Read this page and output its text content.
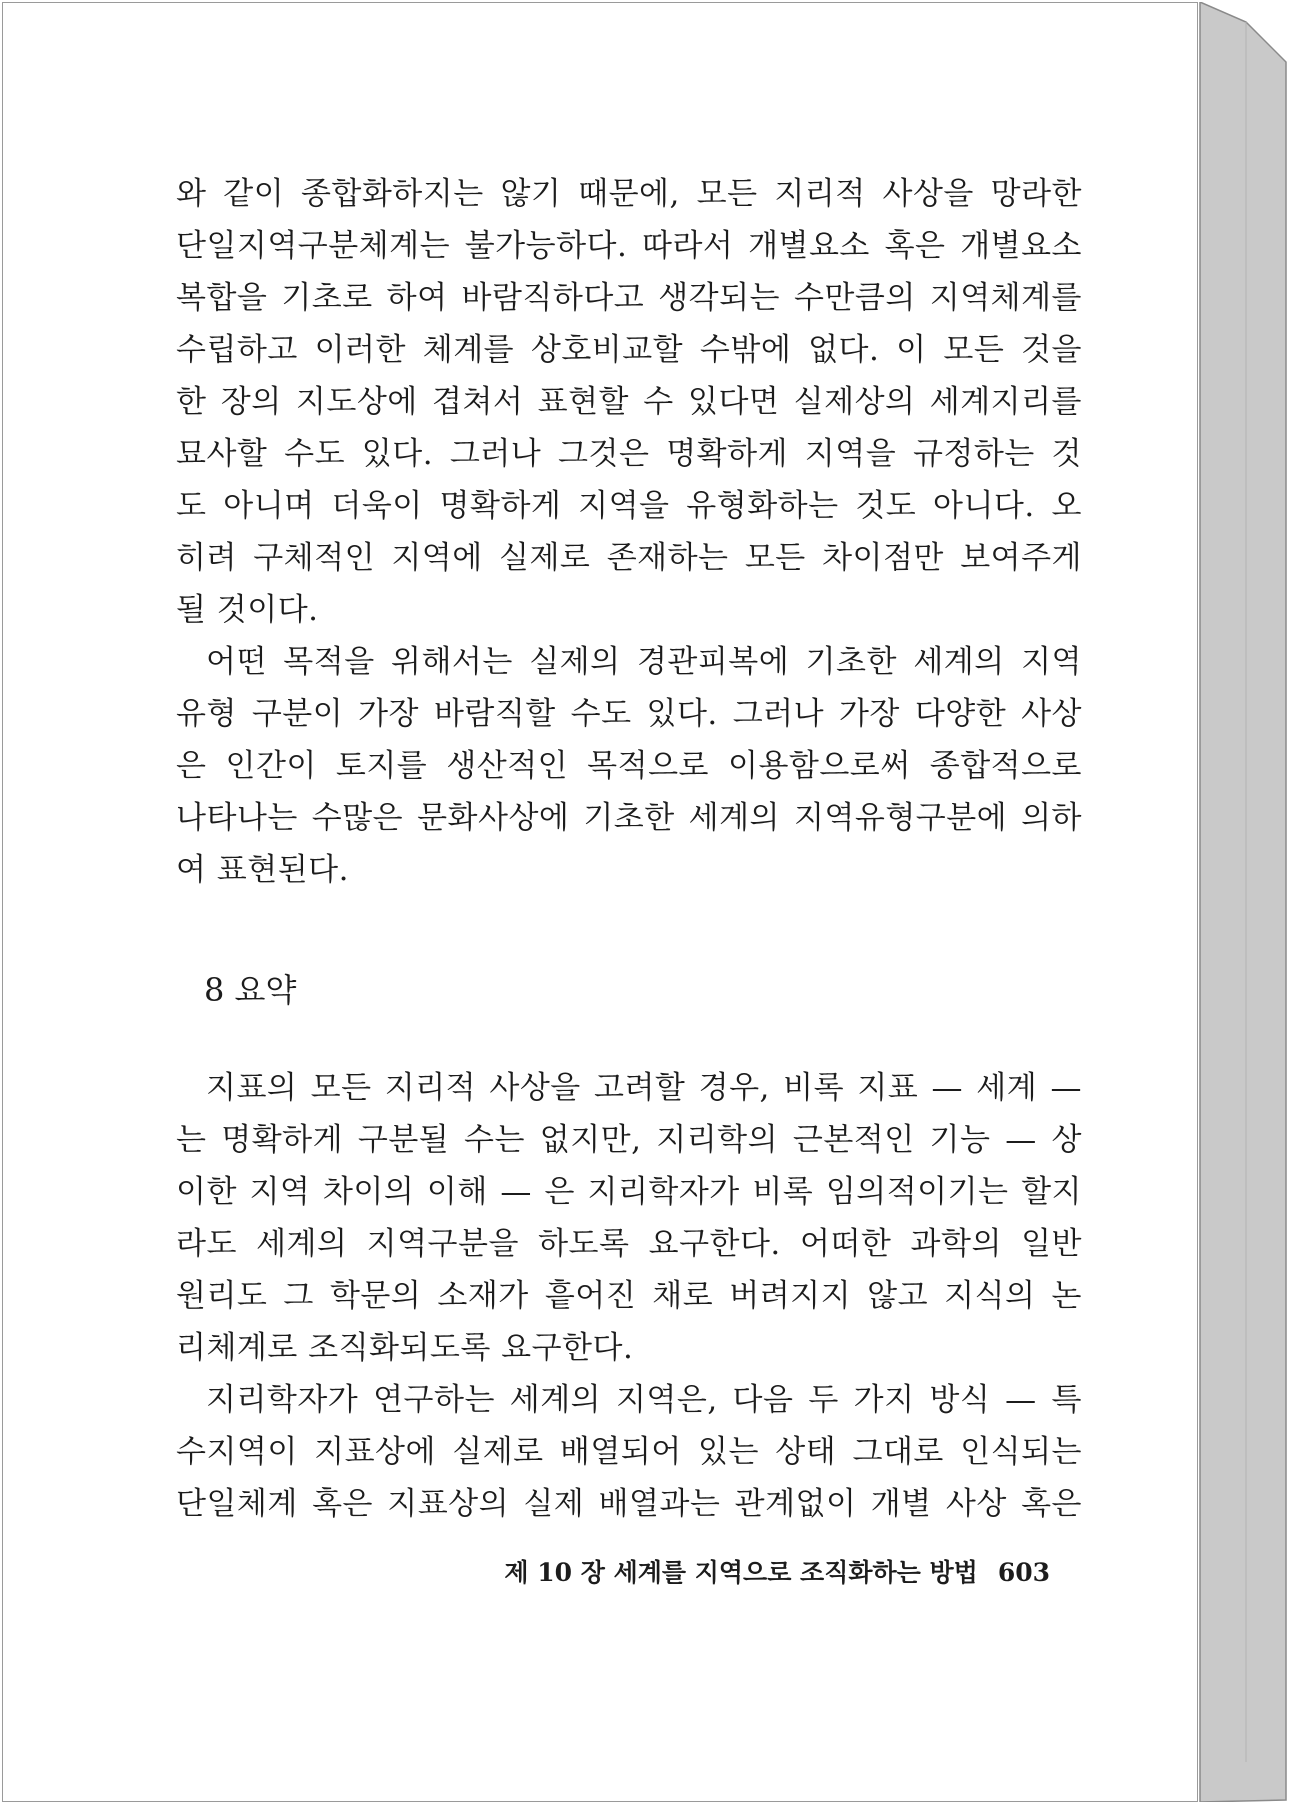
와 같이 종합화하지는 않기 때문에, 모든 지리적 사상을 망라한
단일지역구분체계는 불가능하다. 따라서 개별요소 혹은 개별요소
복합을 기초로 하여 바람직하다고 생각되는 수만큼의 지역체계를
수립하고 이러한 체계를 상호비교할 수밖에 없다. 이 모든 것을
한 장의 지도상에 겹쳐서 표현할 수 있다면 실제상의 세계지리를
묘사할 수도 있다. 그러나 그것은 명확하게 지역을 규정하는 것
도 아니며 더욱이 명확하게 지역을 유형화하는 것도 아니다. 오
히려 구체적인 지역에 실제로 존재하는 모든 차이점만 보여주게
될 것이다.
어떤 목적을 위해서는 실제의 경관피복에 기초한 세계의 지역
유형 구분이 가장 바람직할 수도 있다. 그러나 가장 다양한 사상
은 인간이 토지를 생산적인 목적으로 이용함으로써 종합적으로
나타나는 수많은 문화사상에 기초한 세계의 지역유형구분에 의하
여 표현된다.
8 요약
지표의 모든 지리적 사상을 고려할 경우, 비록 지표 — 세계 —
는 명확하게 구분될 수는 없지만, 지리학의 근본적인 기능 — 상
이한 지역 차이의 이해 — 은 지리학자가 비록 임의적이기는 할지
라도 세계의 지역구분을 하도록 요구한다. 어떠한 과학의 일반
원리도 그 학문의 소재가 흩어진 채로 버려지지 않고 지식의 논
리체계로 조직화되도록 요구한다.
지리학자가 연구하는 세계의 지역은, 다음 두 가지 방식 — 특
수지역이 지표상에 실제로 배열되어 있는 상태 그대로 인식되는
단일체계 혹은 지표상의 실제 배열과는 관계없이 개별 사상 혹은
제 10 장 세계를 지역으로 조직화하는 방법 603
